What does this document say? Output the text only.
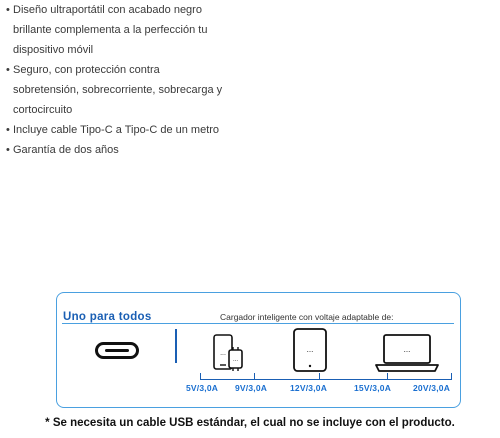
• Diseño ultraportátil con acabado negro
brillante complementa a la perfección tu
dispositivo móvil
• Seguro, con protección contra
sobretensión, sobrecorriente, sobrecarga y
cortocircuito
• Incluye cable Tipo-C a Tipo-C de un metro
• Garantía de dos años
Uno para todos	Cargador inteligente con voltaje adaptable de:
...
...
...	...
5V/3,0A 9V/3,0A	12V/3,0A	15V/3,0A	20V/3,0A
* Se necesita un cable USB estándar, el cual no se incluye con el producto.
